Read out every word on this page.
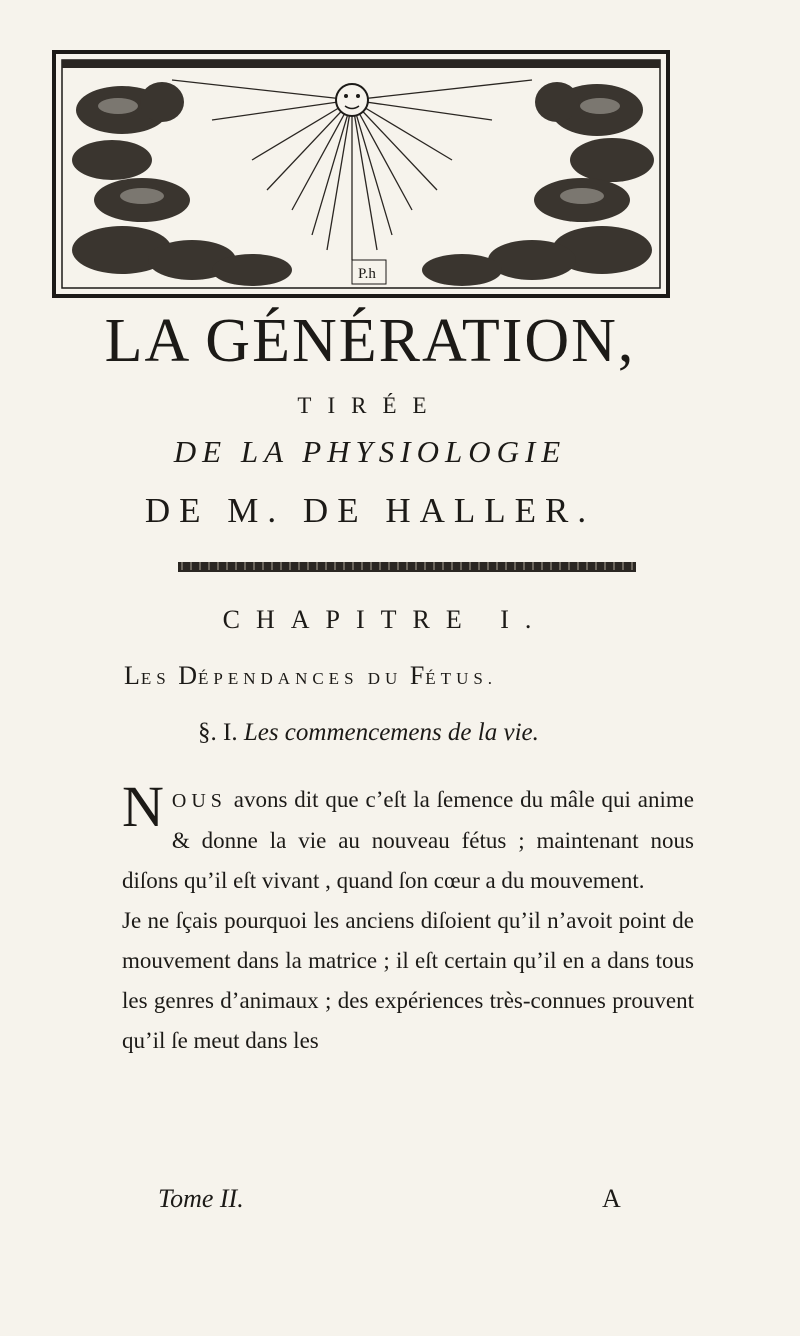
P.h
LA GÉNÉRATION,
TIRÉE
DE LA PHYSIOLOGIE
DE M. DE HALLER.
CHAPITRE I.
LES DÉPENDANCES DU FÉTUS.
§. I. Les commencemens de la vie.

NOUS avons dit que c’eſt la ſemence du mâle qui anime & donne la vie au nouveau fétus ; maintenant nous diſons qu’il eſt vivant , quand ſon cœur a du mouvement.

Je ne ſçais pourquoi les anciens diſoient qu’il n’avoit point de mouvement dans la matrice ; il eſt certain qu’il en a dans tous les genres d’animaux ; des expériences très-connues prouvent qu’il ſe meut dans les

Tome II.	A
